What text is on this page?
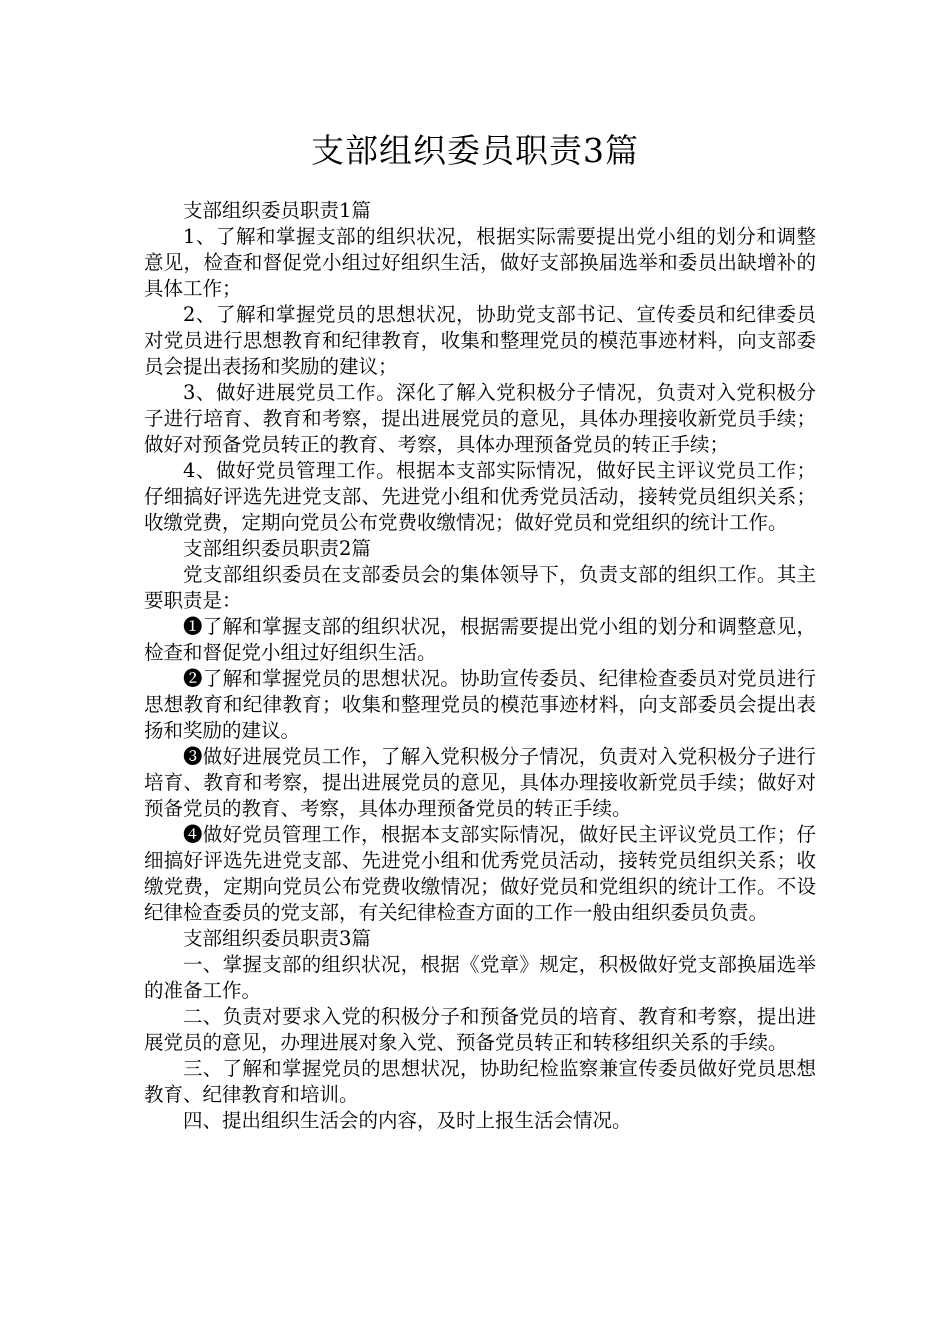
支部组织委员职责3篇

支部组织委员职责1篇

1、了解和掌握支部的组织状况，根据实际需要提出党小组的划分和调整意见，检查和督促党小组过好组织生活，做好支部换届选举和委员出缺增补的具体工作；

2、了解和掌握党员的思想状况，协助党支部书记、宣传委员和纪律委员对党员进行思想教育和纪律教育，收集和整理党员的模范事迹材料，向支部委员会提出表扬和奖励的建议；

3、做好进展党员工作。深化了解入党积极分子情况，负责对入党积极分子进行培育、教育和考察，提出进展党员的意见，具体办理接收新党员手续；做好对预备党员转正的教育、考察，具体办理预备党员的转正手续；

4、做好党员管理工作。根据本支部实际情况，做好民主评议党员工作；仔细搞好评选先进党支部、先进党小组和优秀党员活动，接转党员组织关系；收缴党费，定期向党员公布党费收缴情况；做好党员和党组织的统计工作。

支部组织委员职责2篇

党支部组织委员在支部委员会的集体领导下，负责支部的组织工作。其主要职责是：

❶了解和掌握支部的组织状况，根据需要提出党小组的划分和调整意见，检查和督促党小组过好组织生活。

❷了解和掌握党员的思想状况。协助宣传委员、纪律检查委员对党员进行思想教育和纪律教育；收集和整理党员的模范事迹材料，向支部委员会提出表扬和奖励的建议。

❸做好进展党员工作，了解入党积极分子情况，负责对入党积极分子进行培育、教育和考察，提出进展党员的意见，具体办理接收新党员手续；做好对预备党员的教育、考察，具体办理预备党员的转正手续。

❹做好党员管理工作，根据本支部实际情况，做好民主评议党员工作；仔细搞好评选先进党支部、先进党小组和优秀党员活动，接转党员组织关系；收缴党费，定期向党员公布党费收缴情况；做好党员和党组织的统计工作。不设纪律检查委员的党支部，有关纪律检查方面的工作一般由组织委员负责。

支部组织委员职责3篇

一、掌握支部的组织状况，根据《党章》规定，积极做好党支部换届选举的准备工作。

二、负责对要求入党的积极分子和预备党员的培育、教育和考察，提出进展党员的意见，办理进展对象入党、预备党员转正和转移组织关系的手续。

三、了解和掌握党员的思想状况，协助纪检监察兼宣传委员做好党员思想教育、纪律教育和培训。

四、提出组织生活会的内容，及时上报生活会情况。
